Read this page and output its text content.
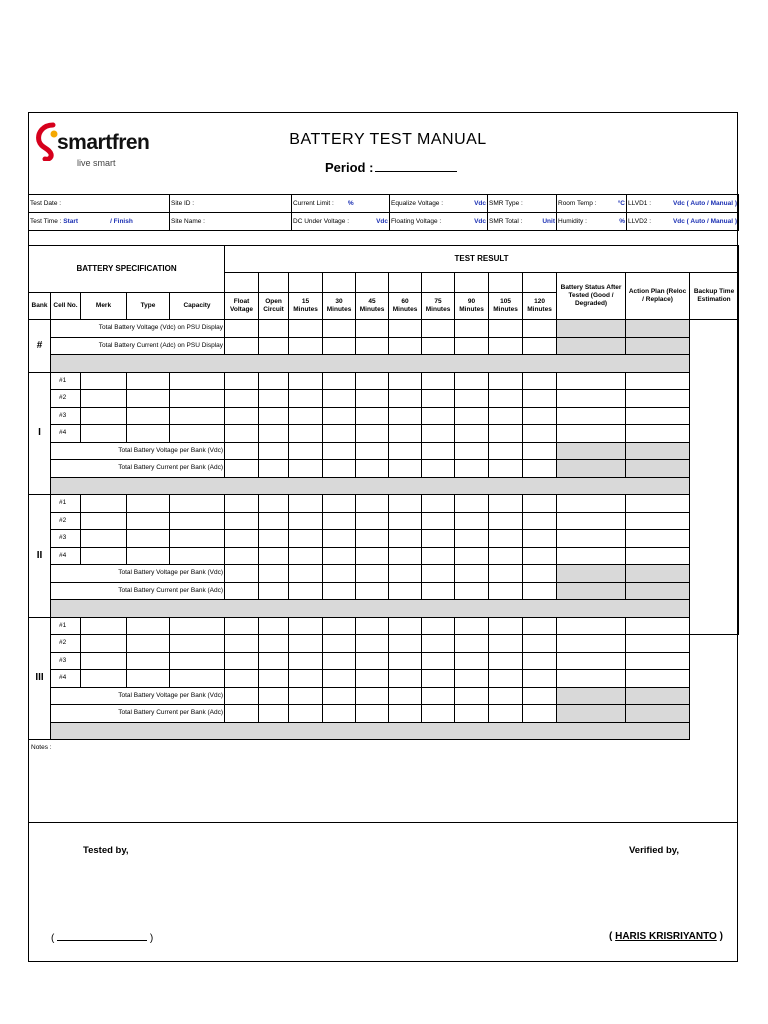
smartfren
live smart
BATTERY TEST MANUAL
Period :
Test Date :	Site ID :	Current Limit : %	Equalize Voltage : Vdc	SMR Type :	Room Temp : °C	LLVD1 : Vdc ( Auto / Manual )

Test Time : Start / Finish	Site Name :	DC Under Voltage : Vdc	Floating Voltage : Vdc	SMR Total : Unit	Humidity : %	LLVD2 : Vdc ( Auto / Manual )
BATTERY SPECIFICATION					TEST RESULT												
															Battery Status After Tested (Good / Degraded)	Action Plan (Reloc / Replace)	Backup Time Estimation
Bank	Cell No.	Merk	Type	Capacity	Float Voltage	Open Circuit	15 Minutes	30 Minutes	45 Minutes	60 Minutes	75 Minutes	90 Minutes	105 Minutes	120 Minutes			
#	Total Battery Voltage (Vdc) on PSU Display																
	Total Battery Current (Adc) on PSU Display																

I	#1																
	#2																
	#3																
	#4																
	Total Battery Voltage per Bank (Vdc)																
	Total Battery Current per Bank (Adc)																

II	#1																
	#2																
	#3																
	#4																
	Total Battery Voltage per Bank (Vdc)																
	Total Battery Current per Bank (Adc)																

III	#1																
	#2																
	#3																
	#4																
	Total Battery Voltage per Bank (Vdc)																
	Total Battery Current per Bank (Adc)																

Notes :
Tested by,	Verified by,
(	)	( HARIS KRISRIYANTO )
